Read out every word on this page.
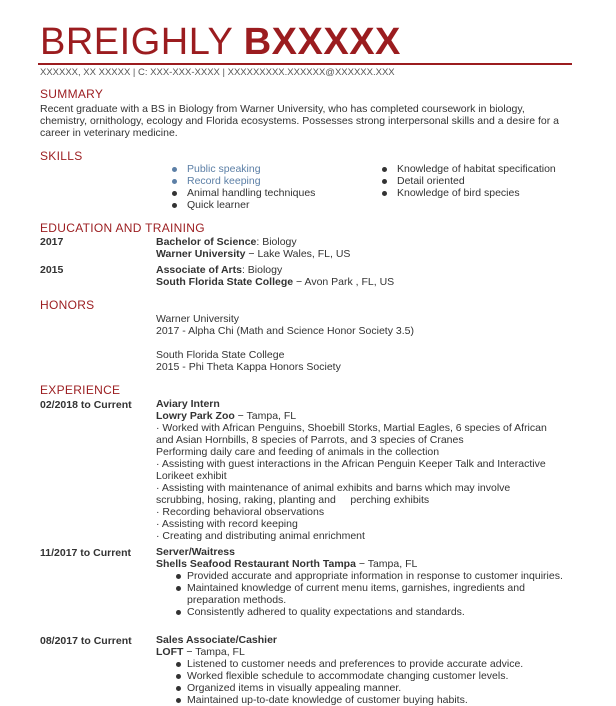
BREIGHLY BXXXXX
XXXXXX, XX XXXXX | C: XXX-XXX-XXXX | XXXXXXXXX.XXXXXX@XXXXXX.XXX
SUMMARY
Recent graduate with a BS in Biology from Warner University, who has completed coursework in biology, chemistry, ornithology, ecology and Florida ecosystems. Possesses strong interpersonal skills and a desire for a career in veterinary medicine.
SKILLS
Public speaking
Record keeping
Animal handling techniques
Quick learner
Knowledge of habitat specification
Detail oriented
Knowledge of bird species
EDUCATION AND TRAINING
2017	Bachelor of Science: Biology
Warner University − Lake Wales, FL, US
2015	Associate of Arts: Biology
South Florida State College − Avon Park , FL, US
HONORS
Warner University
2017 - Alpha Chi (Math and Science Honor Society 3.5)
South Florida State College
2015 - Phi Theta Kappa Honors Society
EXPERIENCE
02/2018 to Current Aviary Intern
Lowry Park Zoo − Tampa, FL
· Worked with African Penguins, Shoebill Storks, Martial Eagles, 6 species of African
and Asian Hornbills, 8 species of Parrots, and 3 species of Cranes
Performing daily care and feeding of animals in the collection
· Assisting with guest interactions in the African Penguin Keeper Talk and Interactive
Lorikeet exhibit
· Assisting with maintenance of animal exhibits and barns which may involve
scrubbing, hosing, raking, planting and     perching exhibits
· Recording behavioral observations
· Assisting with record keeping
· Creating and distributing animal enrichment
11/2017 to Current Server/Waitress
Shells Seafood Restaurant North Tampa − Tampa, FL
Provided accurate and appropriate information in response to customer inquiries.
Maintained knowledge of current menu items, garnishes, ingredients and preparation methods.
Consistently adhered to quality expectations and standards.
08/2017 to Current Sales Associate/Cashier
LOFT − Tampa, FL
Listened to customer needs and preferences to provide accurate advice.
Worked flexible schedule to accommodate changing customer levels.
Organized items in visually appealing manner.
Maintained up-to-date knowledge of customer buying habits.
